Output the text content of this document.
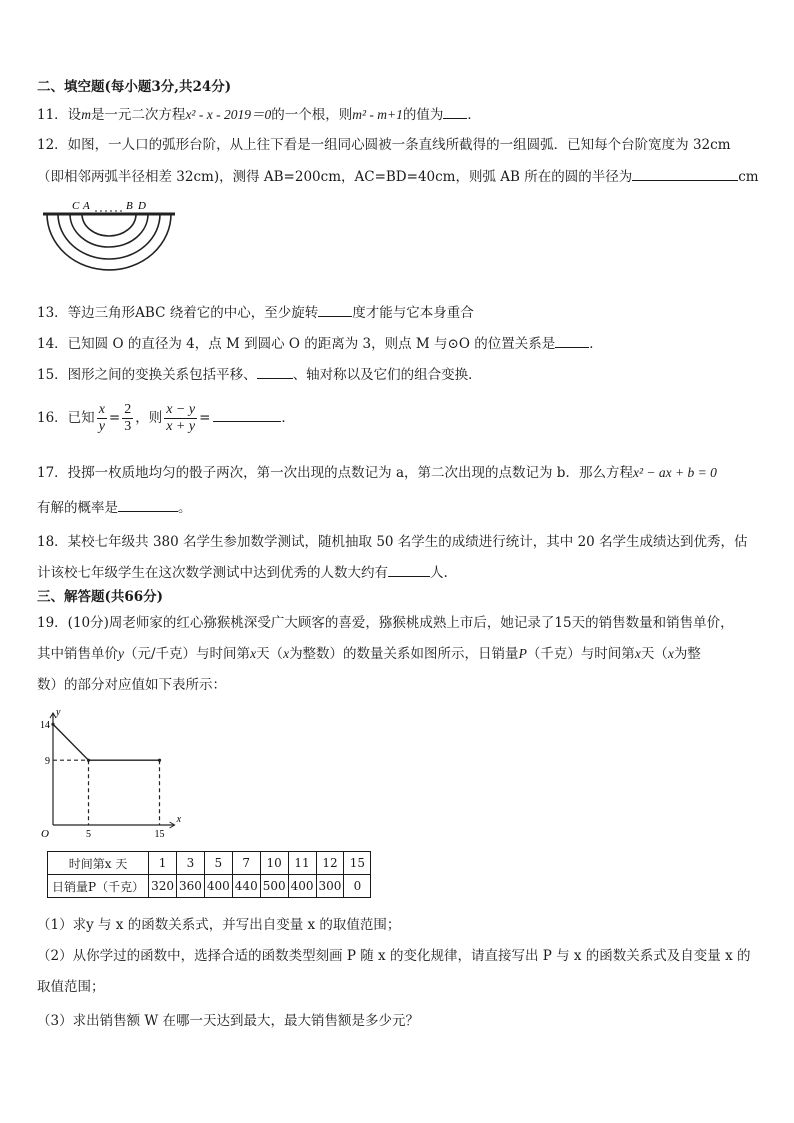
二、填空题(每小题3分,共24分)
11．设m是一元二次方程x² - x - 2019＝0的一个根，则m² - m+1的值为 ．
12．如图，一人口的弧形台阶，从上往下看是一组同心圆被一条直线所截得的一组圆弧．已知每个台阶宽度为 32cm
（即相邻两弧半径相差 32cm)，测得 AB=200cm，AC=BD=40cm，则弧 AB 所在的圆的半径为	cm
C A	B D
13．等边三角形ABC 绕着它的中心，至少旋转	度才能与它本身重合
14．已知圆 O 的直径为 4，点 M 到圆心 O 的距离为 3，则点 M 与⊙O 的位置关系是	．
15．图形之间的变换关系包括平移、	、轴对称以及它们的组合变换．
16．已知 $\frac{x}{y} = \frac{2}{3}$ ，则 $\frac{x - y}{x + y}$ =	．
17．投掷一枚质地均匀的骰子两次，第一次出现的点数记为 a，第二次出现的点数记为 b．那么方程x² − ax + b = 0
有解的概率是	。
18．某校七年级共 380 名学生参加数学测试，随机抽取 50 名学生的成绩进行统计，其中 20 名学生成绩达到优秀，估
计该校七年级学生在这次数学测试中达到优秀的人数大约有	人.
三、解答题(共66分)
19．(10分)周老师家的红心猕猴桃深受广大顾客的喜爱，猕猴桃成熟上市后，她记录了15天的销售数量和销售单价，
其中销售单价y（元/千克）与时间第x天（x为整数）的数量关系如图所示，日销量P（千克）与时间第x天（x为整
数）的部分对应值如下表所示：
5	15
9
14
O
x
y
时间第x 天	1	3	5	7	10	11	12	15
日销量P（千克）	320	360	400	440	500	400	300	0
（1）求y 与 x 的函数关系式，并写出自变量 x 的取值范围；
（2）从你学过的函数中，选择合适的函数类型刻画 P 随 x 的变化规律，请直接写出 P 与 x 的函数关系式及自变量 x 的
取值范围；
（3）求出销售额 W 在哪一天达到最大，最大销售额是多少元？
